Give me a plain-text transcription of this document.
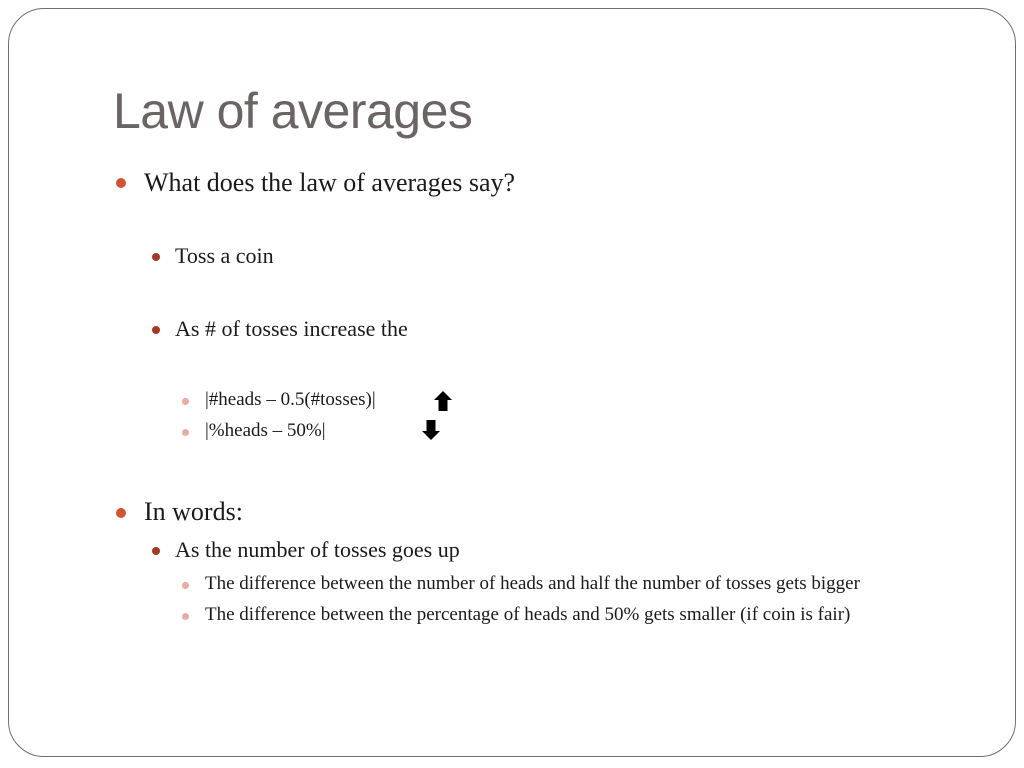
Law of averages
What does the law of averages say?
Toss a coin
As # of tosses increase the
|#heads – 0.5(#tosses)|
|%heads – 50%|
In words:
As the number of tosses goes up
The difference between the number of heads and half the number of tosses gets bigger
The difference between the percentage of heads and 50% gets smaller (if coin is fair)
